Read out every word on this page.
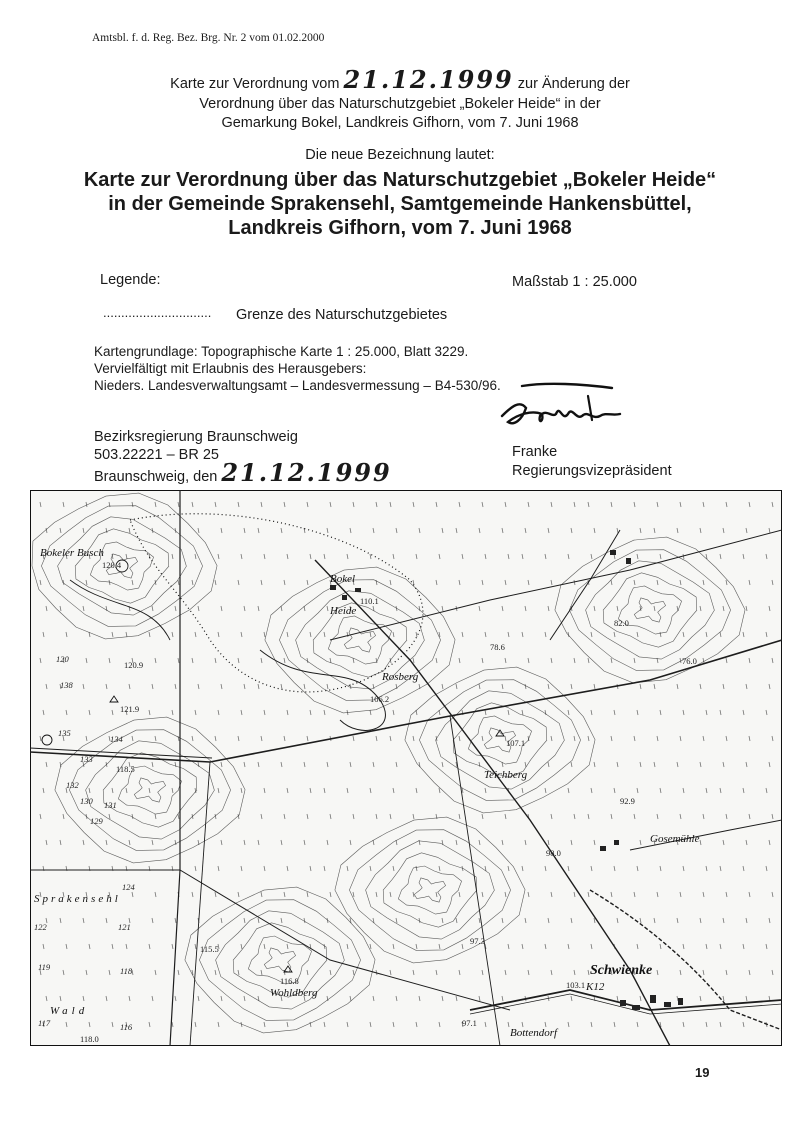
Amtsbl. f. d. Reg. Bez. Brg. Nr. 2 vom 01.02.2000

Karte zur Verordnung vom 21.12.1999 zur Änderung der

Verordnung über das Naturschutzgebiet „Bokeler Heide“ in der

Gemarkung Bokel, Landkreis Gifhorn, vom 7. Juni 1968

Die neue Bezeichnung lautet:

Karte zur Verordnung über das Naturschutzgebiet „Bokeler Heide“

in der Gemeinde Sprakensehl, Samtgemeinde Hankensbüttel,

Landkreis Gifhorn, vom 7. Juni 1968

Legende:	Maßstab 1 : 25.000

.............................. Grenze des Naturschutzgebietes

Kartengrundlage: Topographische Karte 1 : 25.000, Blatt 3229.

Vervielfältigt mit Erlaubnis des Herausgebers:

Nieders. Landesverwaltungsamt – Landesvermessung – B4-530/96.

Bezirksregierung Braunschweig

503.22221 – BR 25

Braunschweig, den 21.12.1999

Franke

Regierungsvizepräsident

Bokeler Busch
Bokel
Heide
Rosberg
Teichberg
Gosemühle
Schwienke
Bottendorf
Wohldberg
Sprakensehl
Wald
K12
120.4
120.9
121.9
118.5
110.1
106.2
107.1
92.9
98.0
97.3
115.5
116.8	103.1
97.1
118.0
82.0
76.0
78.6
138
135
134
132
130
129
124
122	121
119	118
117	116
120
133
131

19
